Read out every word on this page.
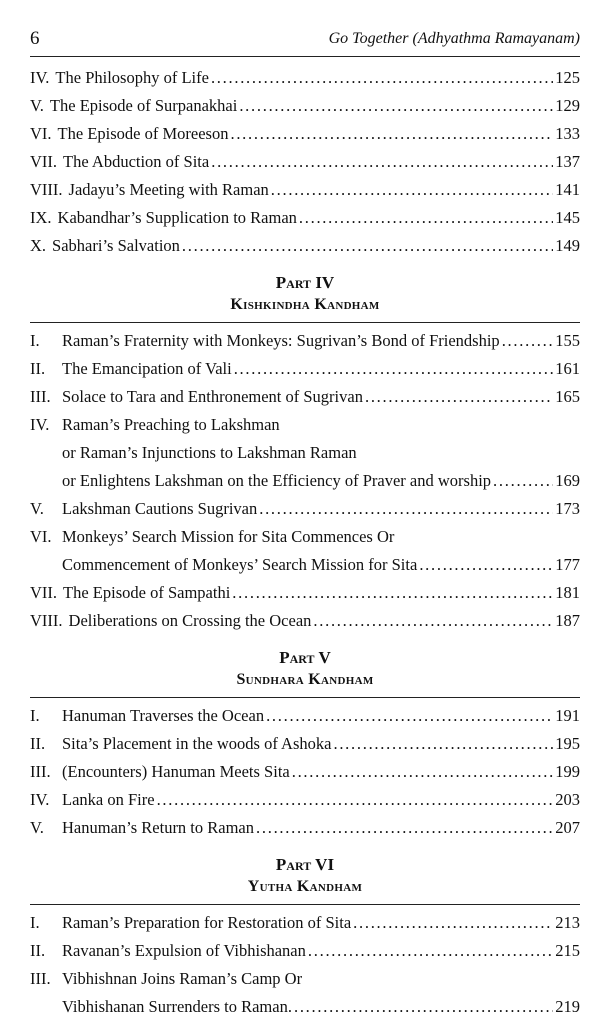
6	Go Together (Adhyathma Ramayanam)
IV. The Philosophy of Life . . .	125
V. The Episode of Surpanakhai . . .	129
VI. The Episode of Moreeson . . .	133
VII. The Abduction of Sita . . .	137
VIII. Jadayu’s Meeting with Raman . . .	141
IX. Kabandhar’s Supplication to Raman . . .	145
X. Sabhari’s Salvation . . .	149
Part IV
Kishkindha Kandham
I.	Raman’s Fraternity with Monkeys: Sugrivan’s Bond of Friendship . . .	155
II.	The Emancipation of Vali . . .	161
III. Solace to Tara and Enthronement of Sugrivan . . .	165
IV. Raman’s Preaching to Lakshman
or Raman’s Injunctions to Lakshman Raman
or Enlightens Lakshman on the Efficiency of Praver and worship . . .	169
V.	Lakshman Cautions Sugrivan . . .	173
VI. Monkeys’ Search Mission for Sita Commences Or
Commencement of Monkeys’ Search Mission for Sita . . .	177
VII. The Episode of Sampathi . . .	181
VIII. Deliberations on Crossing the Ocean . . .	187
Part V
Sundhara Kandham
I.	Hanuman Traverses the Ocean . . .	191
II.	Sita’s Placement in the woods of Ashoka . . .	195
III. (Encounters) Hanuman Meets Sita . . .	199
IV. Lanka on Fire . . .	203
V.	Hanuman’s Return to Raman . . .	207
Part VI
Yutha Kandham
I.	Raman’s Preparation for Restoration of Sita . . .	213
II.	Ravanan’s Expulsion of Vibhishanan . . .	215
III. Vibhishnan Joins Raman’s Camp Or
Vibhishanan Surrenders to Raman. . . .	219
